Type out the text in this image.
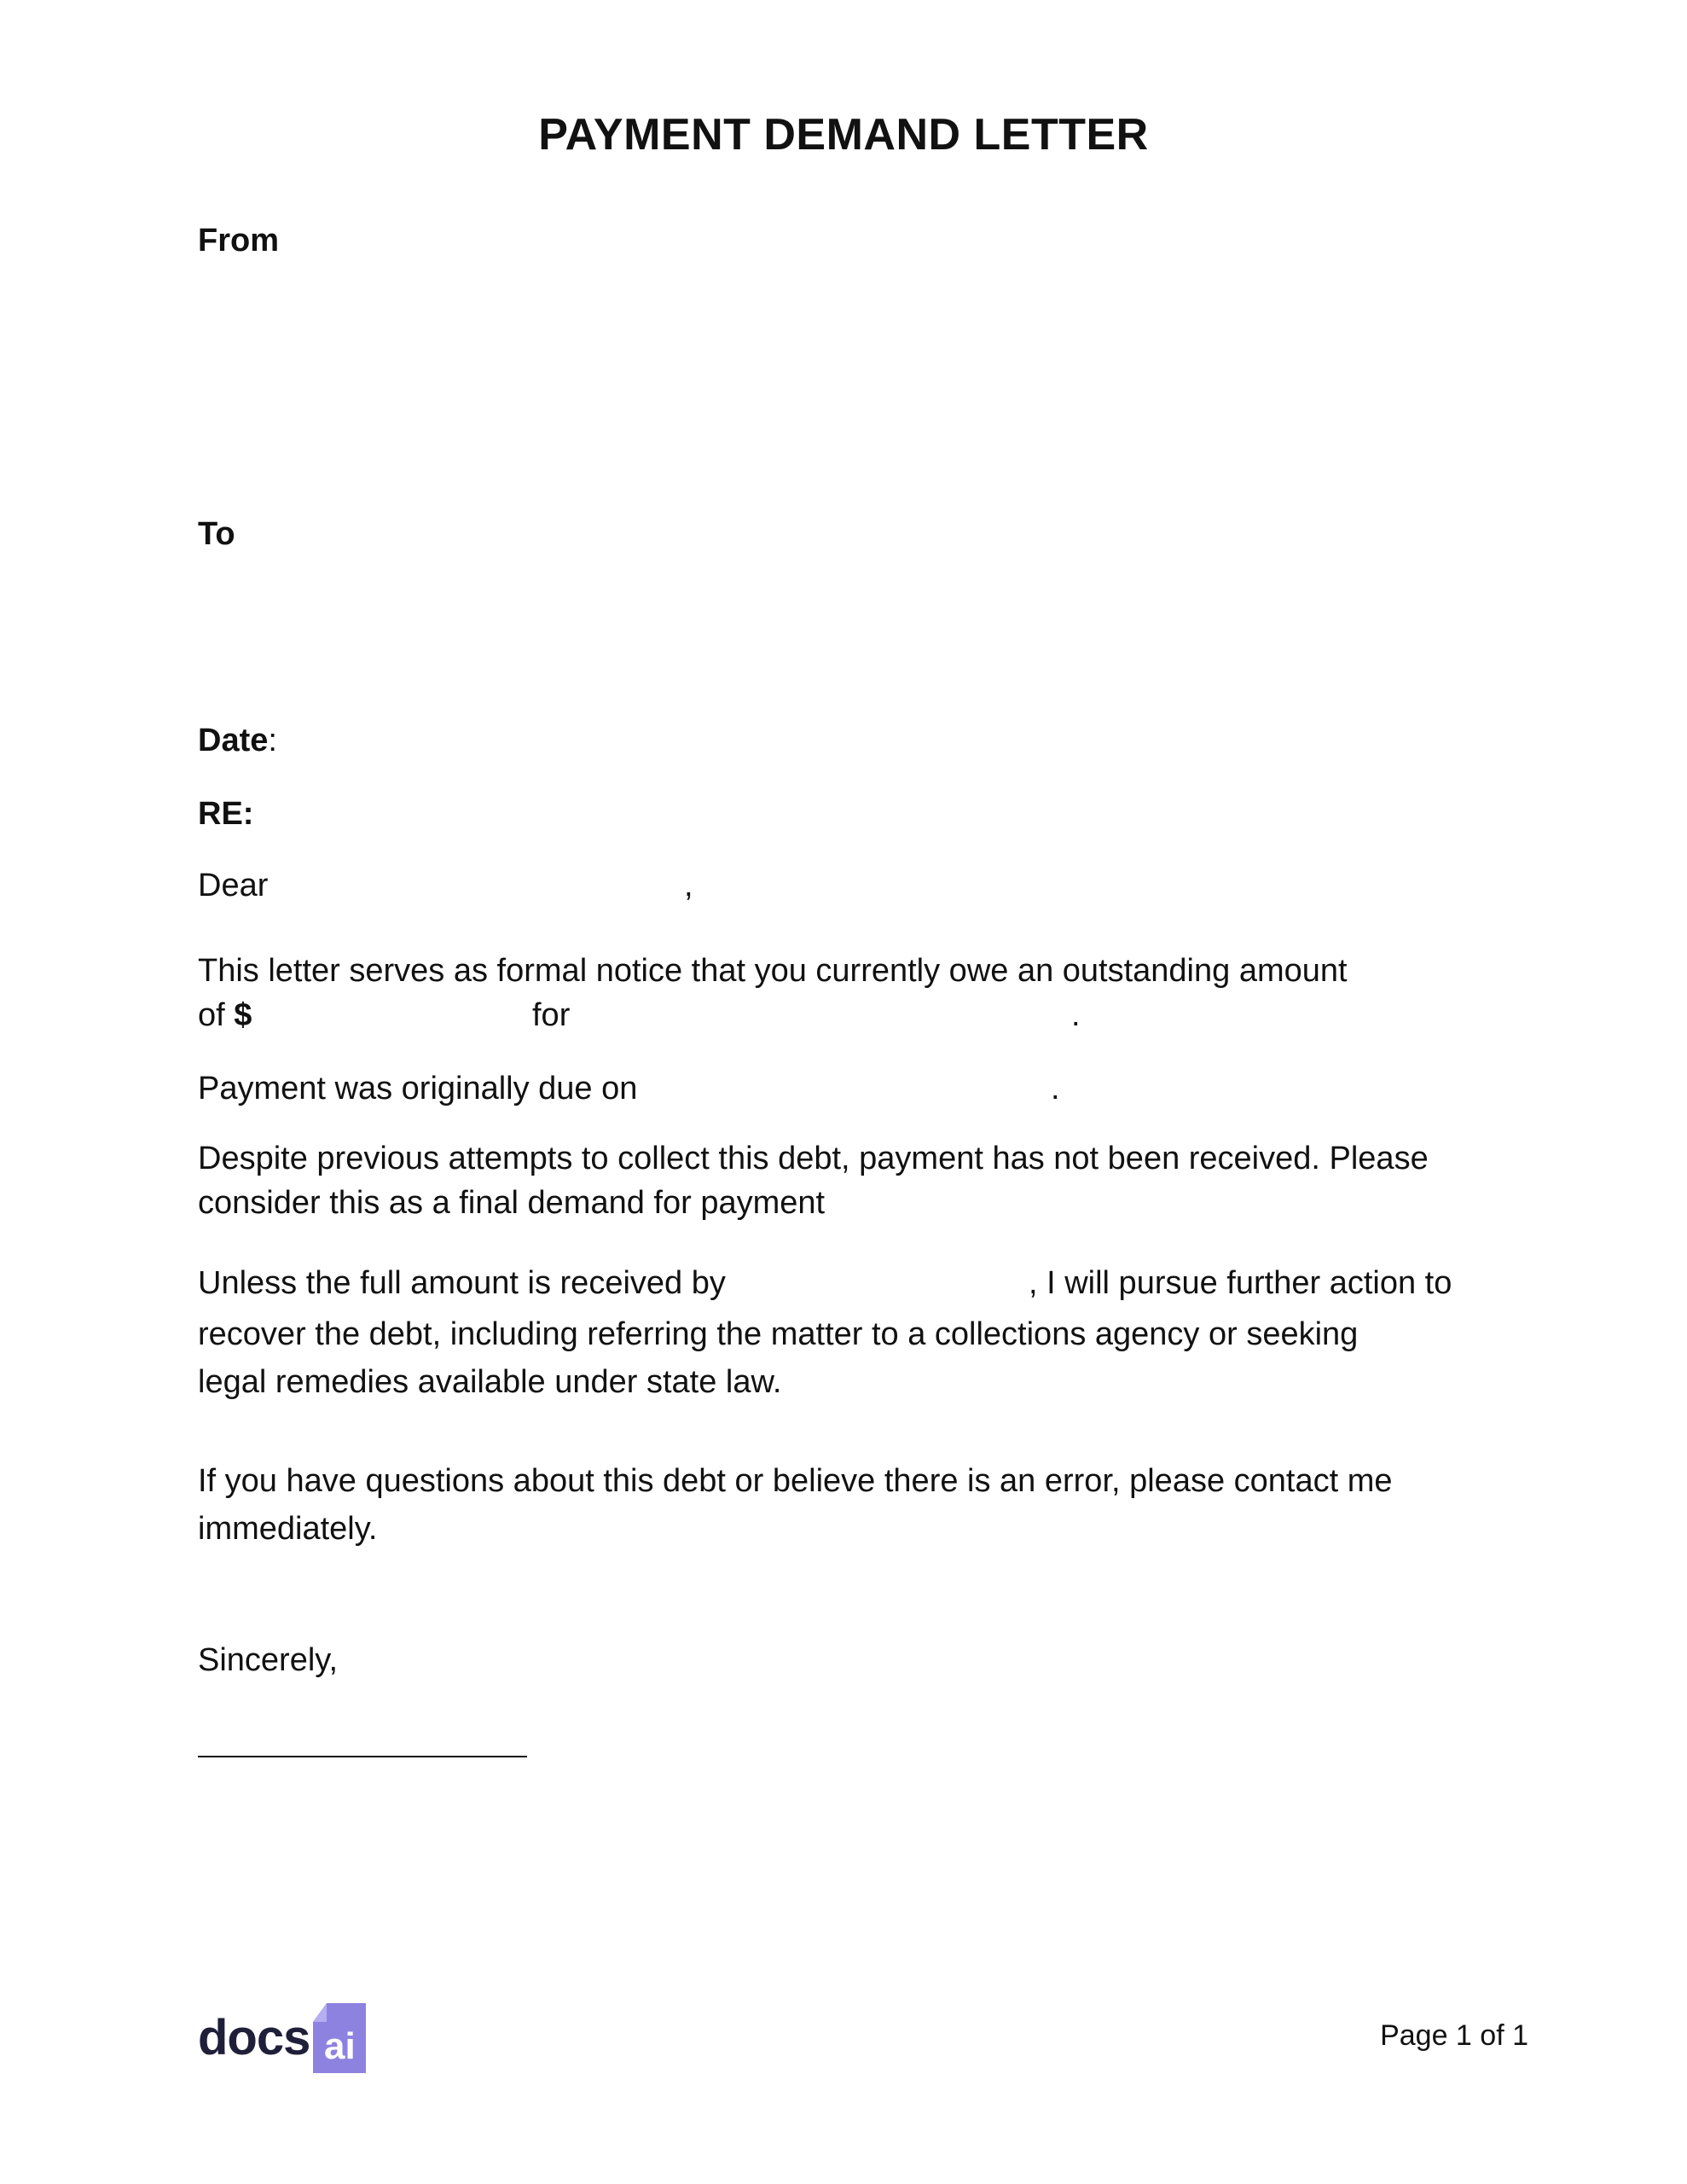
PAYMENT DEMAND LETTER
From
To
Date:
RE:
Dear	,
This letter serves as formal notice that you currently owe an outstanding amount
of $	for	.
Payment was originally due on	.
Despite previous attempts to collect this debt, payment has not been received. Please
consider this as a final demand for payment
Unless the full amount is received by	, I will pursue further action to
recover the debt, including referring the matter to a collections agency or seeking
legal remedies available under state law.
If you have questions about this debt or believe there is an error, please contact me
immediately.
Sincerely,
docs ai	Page 1 of 1
